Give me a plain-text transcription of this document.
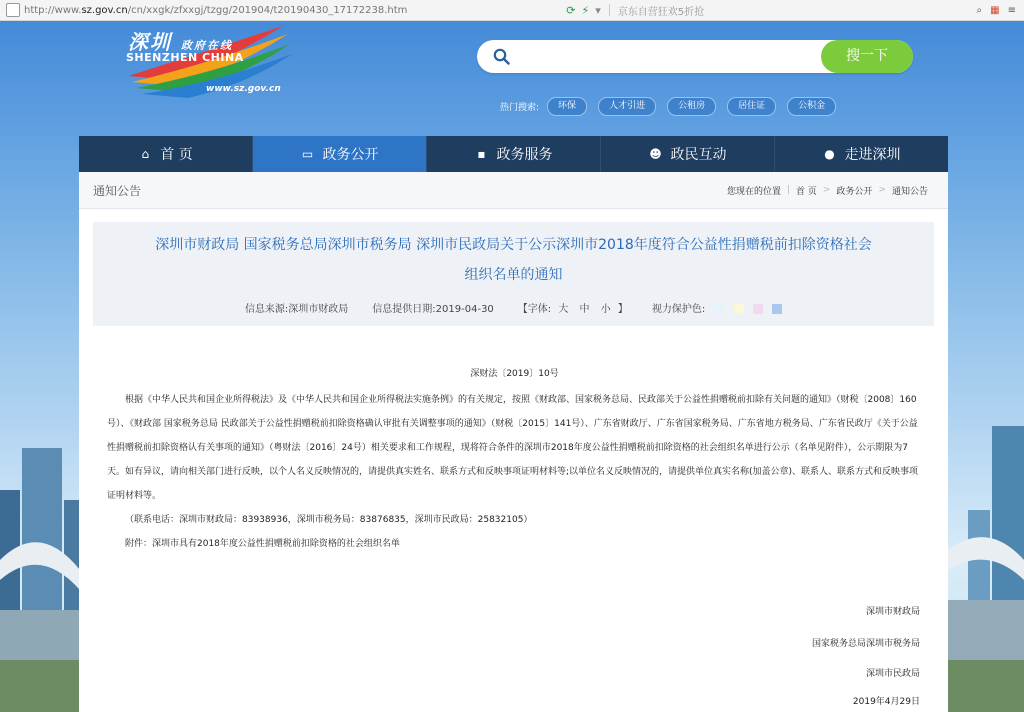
http://www.sz.gov.cn/cn/xxgk/zfxxgj/tzgg/201904/t20190430_17172238.htm	⟳ ⚡ ▾ 京东自营狂欢5折抢	⌕ ▦ ≡
深圳 政府在线
SHENZHEN CHINA
www.sz.gov.cn
搜一下
热门搜索:	环保	人才引进	公租房	居住证	公积金
⌂ 首 页	▭ 政务公开	▪ 政务服务	☻ 政民互动	● 走进深圳
通知公告	您现在的位置 | 首 页 > 政务公开 > 通知公告
深圳市财政局 国家税务总局深圳市税务局 深圳市民政局关于公示深圳市2018年度符合公益性捐赠税前扣除资格社会
组织名单的通知
信息来源:深圳市财政局 信息提供日期:2019-04-30 【字体: 大 中 小 】 视力保护色:
深财法〔2019〕10号

根据《中华人民共和国企业所得税法》及《中华人民共和国企业所得税法实施条例》的有关规定，按照《财政部、国家税务总局、民政部关于公益性捐赠税前扣除有关问题的通知》（财税〔2008〕160号）、《财政部 国家税务总局 民政部关于公益性捐赠税前扣除资格确认审批有关调整事项的通知》（财税〔2015〕141号）、广东省财政厅、广东省国家税务局、广东省地方税务局、广东省民政厅《关于公益性捐赠税前扣除资格认有关事项的通知》（粤财法〔2016〕24号）相关要求和工作规程，现将符合条件的深圳市2018年度公益性捐赠税前扣除资格的社会组织名单进行公示（名单见附件），公示期限为7天。如有异议，请向相关部门进行反映，以个人名义反映情况的，请提供真实姓名、联系方式和反映事项证明材料等;以单位名义反映情况的，请提供单位真实名称(加盖公章)、联系人、联系方式和反映事项证明材料等。

（联系电话：深圳市财政局：83938936，深圳市税务局：83876835，深圳市民政局：25832105）

附件：深圳市具有2018年度公益性捐赠税前扣除资格的社会组织名单

深圳市财政局
国家税务总局深圳市税务局
深圳市民政局
2019年4月29日
